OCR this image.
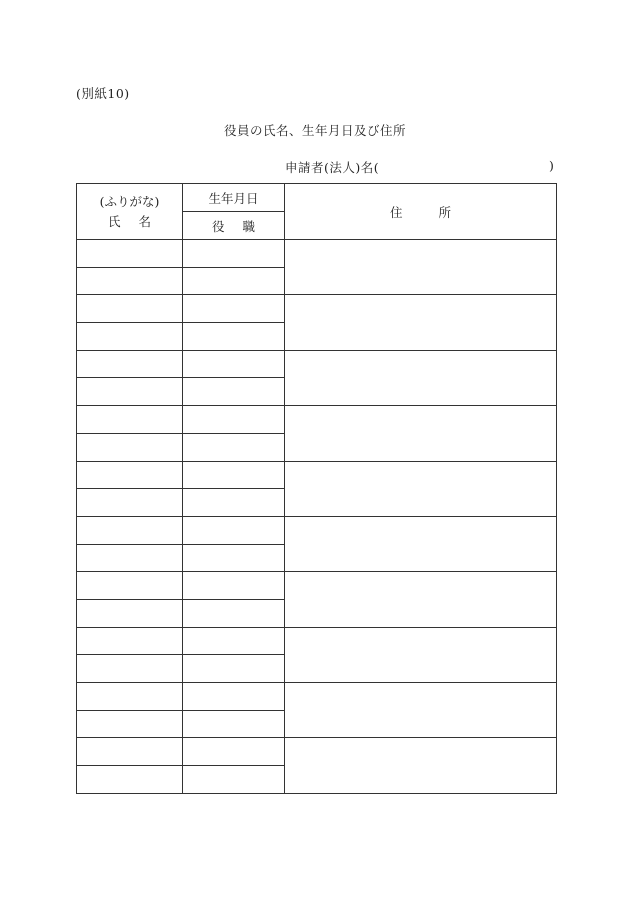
(別紙10)
役員の氏名、生年月日及び住所
申請者(法人)名(	)
(ふりがな)
氏名	生年月日	住所
	役職	
